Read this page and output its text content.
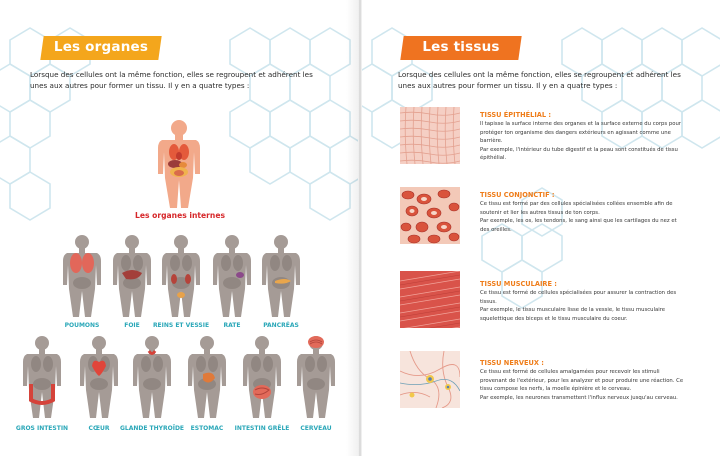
Les organes

Lorsque des cellules ont la même fonction, elles se regroupent et adhérent les unes aux autres pour former un tissu. Il y en a quatre types :

Les organes internes
POUMONS	FOIE	REINS ET VESSIE	RATE	PANCRÉAS
GROS INTESTIN	CŒUR	GLANDE THYROÏDE	ESTOMAC	INTESTIN GRÊLE	CERVEAU
Les tissus

Lorsque des cellules ont la même fonction, elles se regroupent et adhérent les unes aux autres pour former un tissu. Il y en a quatre types :

TISSU ÉPITHÉLIAL :

Il tapisse la surface interne des organes et la surface externe du corps pour protéger ton organisme des dangers extérieurs en agissant comme une barrière.

Par exemple, l'intérieur du tube digestif et la peau sont constitués de tissu épithélial.

TISSU CONJONCTIF :

Ce tissu est formé par des cellules spécialisées collées ensemble afin de soutenir et lier les autres tissus de ton corps.

Par exemple, les os, les tendons, le sang ainsi que les cartilages du nez et des oreilles.

TISSU MUSCULAIRE :

Ce tissu est formé de cellules spécialisées pour assurer la contraction des tissus.

Par exemple, le tissu musculaire lisse de la vessie, le tissu musculaire squelettique des biceps et le tissu musculaire du coeur.

TISSU NERVEUX :

Ce tissu est formé de cellules amalgamées pour recevoir les stimuli provenant de l'extérieur, pour les analyzer et pour produire une réaction. Ce tissu compose les nerfs, la moelle épinière et le cerveau.

Par exemple, les neurones transmettent l'influx nerveux jusqu'au cerveau.
